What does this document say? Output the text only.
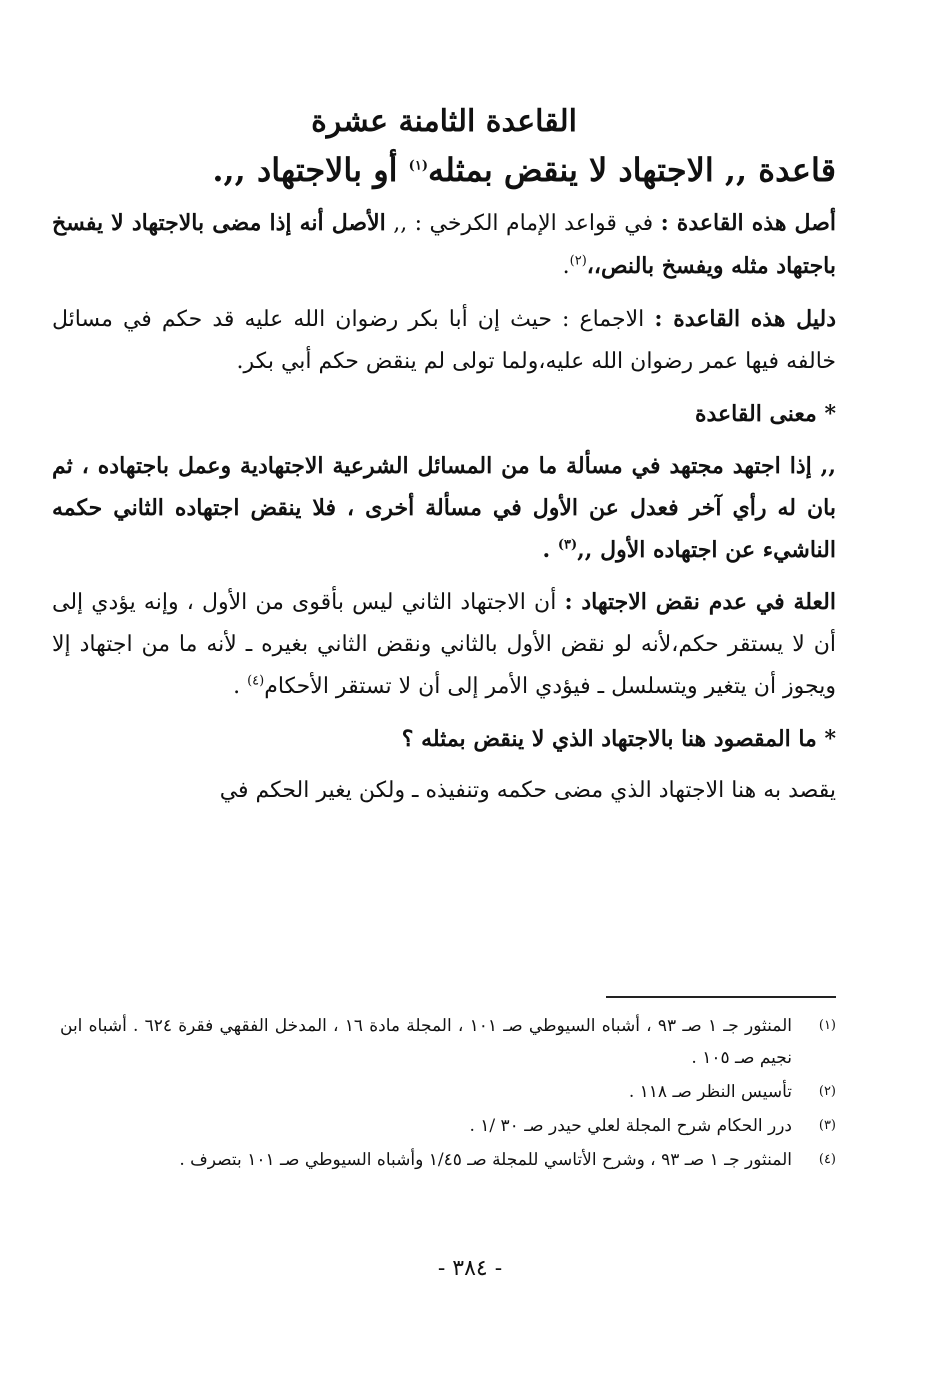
القاعدة الثامنة عشرة
قاعدة ,, الاجتهاد لا ينقض بمثله$^{(١)}$ أو بالاجتهاد ,,.

أصل هذه القاعدة : في قواعد الإمام الكرخي : ,, الأصل أنه إذا مضى بالاجتهاد لا يفسخ باجتهاد مثله ويفسخ بالنص،،$^{(٢)}$.

دليل هذه القاعدة : الاجماع : حيث إن أبا بكر رضوان الله عليه قد حكم في مسائل خالفه فيها عمر رضوان الله عليه،ولما تولى لم ينقض حكم أبي بكر.

* معنى القاعدة

,, إذا اجتهد مجتهد في مسألة ما من المسائل الشرعية الاجتهادية وعمل باجتهاده ، ثم بان له رأي آخر فعدل عن الأول في مسألة أخرى ، فلا ينقض اجتهاده الثاني حكمه الناشيء عن اجتهاده الأول ,,$^{(٣)}$ .

العلة في عدم نقض الاجتهاد : أن الاجتهاد الثاني ليس بأقوى من الأول ، وإنه يؤدي إلى أن لا يستقر حكم،لأنه لو نقض الأول بالثاني ونقض الثاني بغيره ـ لأنه ما من اجتهاد إلا ويجوز أن يتغير ويتسلسل ـ فيؤدي الأمر إلى أن لا تستقر الأحكام$^{(٤)}$ .

* ما المقصود هنا بالاجتهاد الذي لا ينقض بمثله ؟

يقصد به هنا الاجتهاد الذي مضى حكمه وتنفيذه ـ ولكن يغير الحكم في

(١)
المنثور جـ ١ صـ ٩٣ ، أشباه السيوطي صـ ١٠١ ، المجلة مادة ١٦ ، المدخل الفقهي فقرة ٦٢٤ . أشباه ابن نجيم صـ ١٠٥ .
(٢)
تأسيس النظر صـ ١١٨ .
(٣)
درر الحكام شرح المجلة لعلي حيدر صـ ٣٠ /١ .
(٤)
المنثور جـ ١ صـ ٩٣ ، وشرح الأتاسي للمجلة صـ ١/٤٥ وأشباه السيوطي صـ ١٠١ بتصرف .
- ٣٨٤ -
